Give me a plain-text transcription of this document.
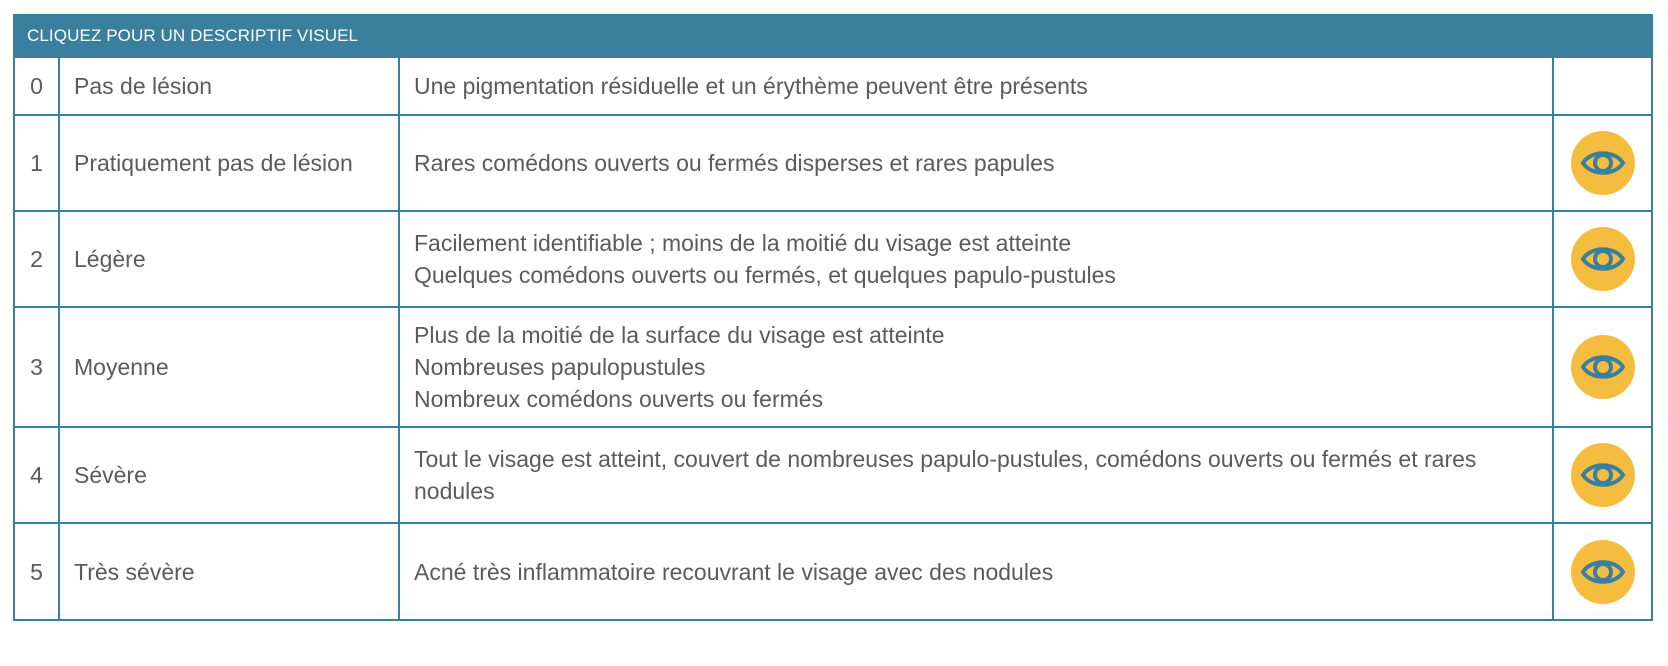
CLIQUEZ POUR UN DESCRIPTIF VISUEL
0	Pas de lésion	Une pigmentation résiduelle et un érythème peuvent être présents	

1	Pratiquement pas de lésion	Rares comédons ouverts ou fermés disperses et rares papules

2	Légère	Facilement identifiable ; moins de la moitié du visage est atteinte
Quelques comédons ouverts ou fermés, et quelques papulo-pustules

3	Moyenne	Plus de la moitié de la surface du visage est atteinte
Nombreuses papulopustules
Nombreux comédons ouverts ou fermés

4	Sévère	Tout le visage est atteint, couvert de nombreuses papulo-pustules, comédons ouverts ou fermés et rares nodules

5	Très sévère	Acné très inflammatoire recouvrant le visage avec des nodules
